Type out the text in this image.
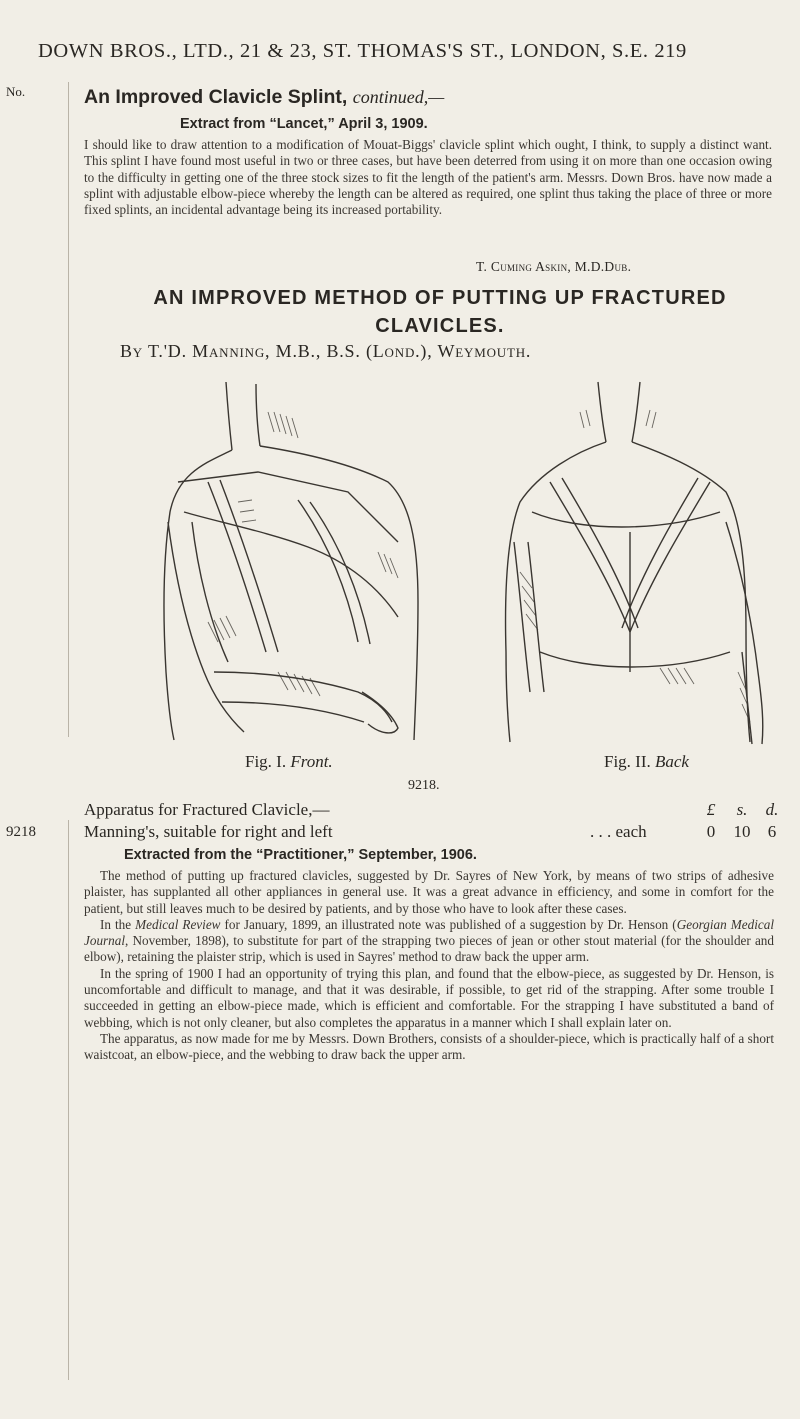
DOWN BROS., LTD., 21 & 23, ST. THOMAS'S ST., LONDON, S.E. 219
No.	An Improved Clavicle Splint, continued,—
Extract from “Lancet,” April 3, 1909.
I should like to draw attention to a modification of Mouat-Biggs' clavicle splint which ought, I think, to supply a distinct want. This splint I have found most useful in two or three cases, but have been deterred from using it on more than one occasion owing to the difficulty in getting one of the three stock sizes to fit the length of the patient's arm. Messrs. Down Bros. have now made a splint with adjustable elbow-piece whereby the length can be altered as required, one splint thus taking the place of three or more fixed splints, an incidental advantage being its increased portability.
T. Cuming Askin, M.D.Dub.
AN IMPROVED METHOD OF PUTTING UP FRACTURED CLAVICLES.
By T.'D. Manning, M.B., B.S. (Lond.), Weymouth.
Fig. I. Front.	Fig. II. Back
9218.
Apparatus for Fractured Clavicle,—	£ s. d.
9218	Manning's, suitable for right and left	. . . each	0 10 6
Extracted from the “Practitioner,” September, 1906.

The method of putting up fractured clavicles, suggested by Dr. Sayres of New York, by means of two strips of adhesive plaister, has supplanted all other appliances in general use. It was a great advance in efficiency, and some in comfort for the patient, but still leaves much to be desired by patients, and by those who have to look after these cases.

In the Medical Review for January, 1899, an illustrated note was published of a suggestion by Dr. Henson (Georgian Medical Journal, November, 1898), to substitute for part of the strapping two pieces of jean or other stout material (for the shoulder and elbow), retaining the plaister strip, which is used in Sayres' method to draw back the upper arm.

In the spring of 1900 I had an opportunity of trying this plan, and found that the elbow-piece, as suggested by Dr. Henson, is uncomfortable and difficult to manage, and that it was desirable, if possible, to get rid of the strapping. After some trouble I succeeded in getting an elbow-piece made, which is efficient and comfortable. For the strapping I have substituted a band of webbing, which is not only cleaner, but also completes the apparatus in a manner which I shall explain later on.

The apparatus, as now made for me by Messrs. Down Brothers, consists of a shoulder-piece, which is practically half of a short waistcoat, an elbow-piece, and the webbing to draw back the upper arm.
